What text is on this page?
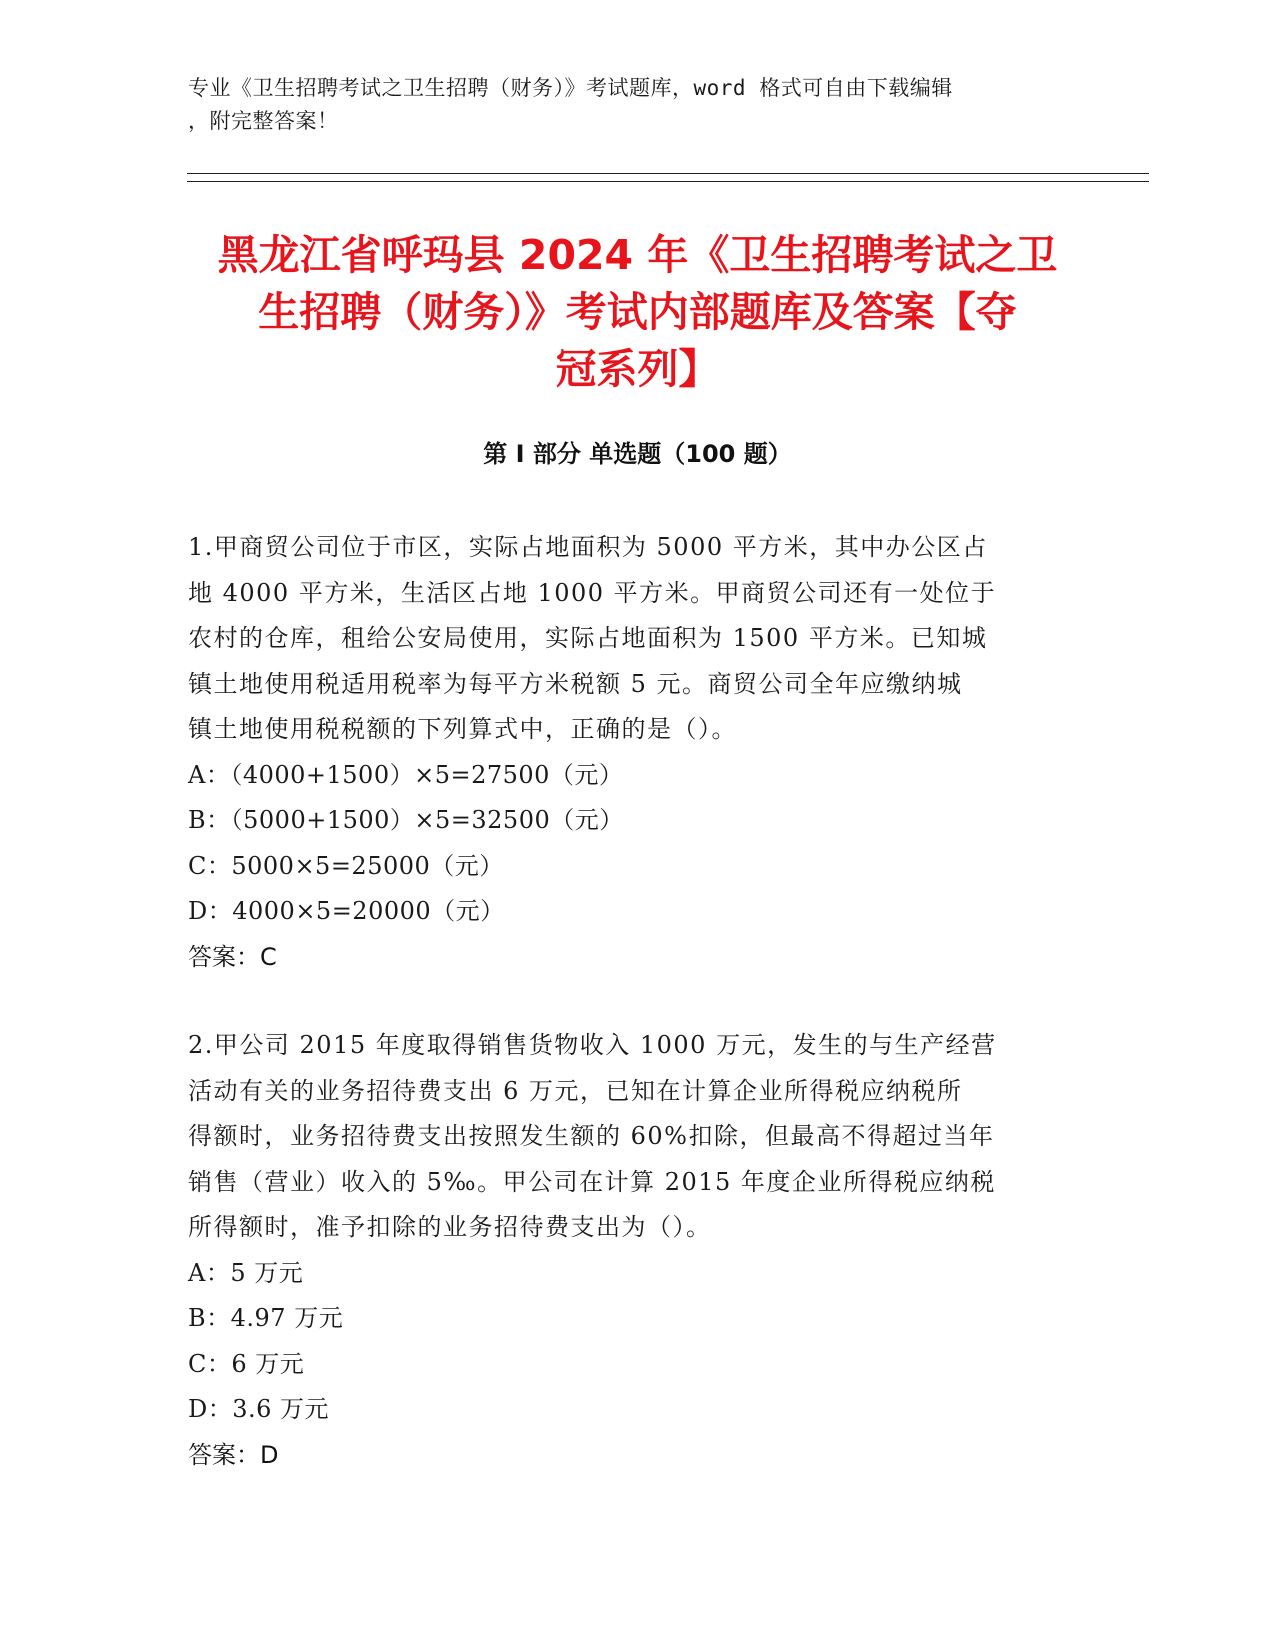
专业《卫生招聘考试之卫生招聘（财务）》考试题库，word 格式可自由下载编辑
，附完整答案！
黑龙江省呼玛县 2024 年《卫生招聘考试之卫
生招聘（财务）》考试内部题库及答案【夺
冠系列】
第 I 部分 单选题（100 题）
1.甲商贸公司位于市区，实际占地面积为 5000 平方米，其中办公区占
地 4000 平方米，生活区占地 1000 平方米。甲商贸公司还有一处位于
农村的仓库，租给公安局使用，实际占地面积为 1500 平方米。已知城
镇土地使用税适用税率为每平方米税额 5 元。商贸公司全年应缴纳城
镇土地使用税税额的下列算式中，正确的是（）。
A：（4000+1500）×5=27500（元）
B：（5000+1500）×5=32500（元）
C：5000×5=25000（元）
D：4000×5=20000（元）
答案：C
2.甲公司 2015 年度取得销售货物收入 1000 万元，发生的与生产经营
活动有关的业务招待费支出 6 万元，已知在计算企业所得税应纳税所
得额时，业务招待费支出按照发生额的 60%扣除，但最高不得超过当年
销售（营业）收入的 5‰。甲公司在计算 2015 年度企业所得税应纳税
所得额时，准予扣除的业务招待费支出为（）。
A：5 万元
B：4.97 万元
C：6 万元
D：3.6 万元
答案：D
